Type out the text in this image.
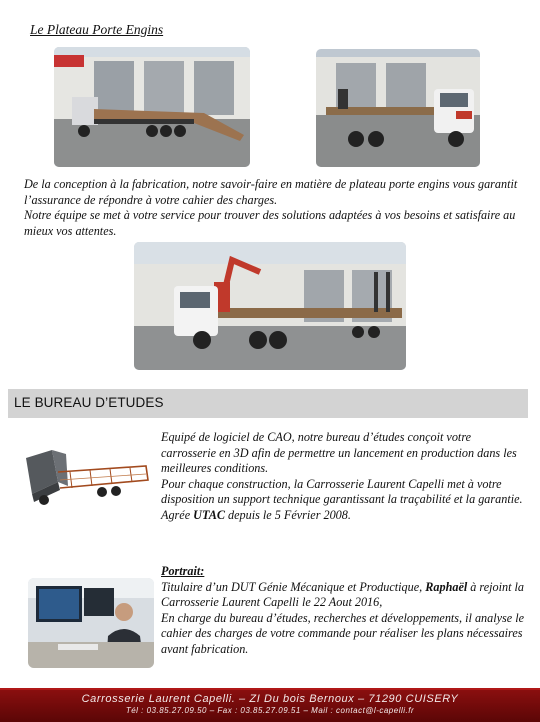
Le Plateau Porte Engins

De la conception à la fabrication, notre savoir-faire en matière de plateau porte engins vous garantit l’assurance de répondre à votre cahier des charges.

Notre équipe se met à votre service pour trouver des solutions adaptées à vos besoins et satisfaire au mieux vos attentes.

LE BUREAU D’ETUDES

Equipé de logiciel de CAO, notre bureau d’études conçoit votre carrosserie en 3D afin de permettre un lancement en production dans les meilleures conditions.

Pour chaque construction, la Carrosserie Laurent Capelli met à votre disposition un support technique garantissant la traçabilité et la garantie.

Agrée UTAC depuis le 5 Février 2008.

Portrait:

Titulaire d’un DUT Génie Mécanique et Productique, Raphaël à rejoint la Carrosserie Laurent Capelli le 22 Aout 2016,

En charge du bureau d’études, recherches et développements, il analyse le cahier des charges de votre commande pour réaliser les plans nécessaires avant fabrication.

Carrosserie Laurent Capelli. – ZI Du bois Bernoux – 71290 CUISERY
Tél : 03.85.27.09.50 – Fax : 03.85.27.09.51 – Mail : contact@l-capelli.fr
